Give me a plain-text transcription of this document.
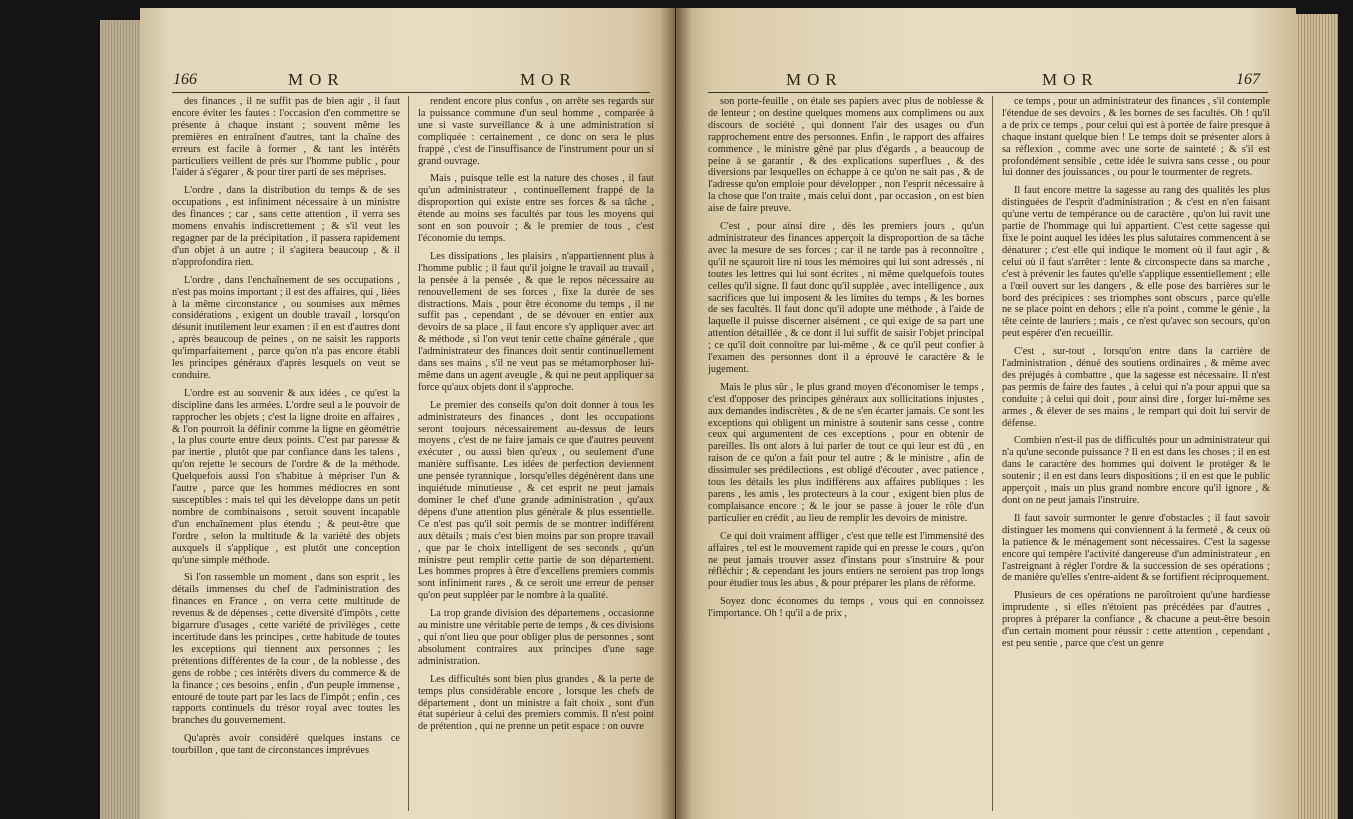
166	MOR	MOR

des finances , il ne suffit pas de bien agir , il faut encore éviter les fautes : l'occasion d'en commettre se présente à chaque instant ; souvent même les premières en entraînent d'autres, tant la chaîne des erreurs est facile à former , & tant les intérêts particuliers veillent de près sur l'homme public , pour l'aider à s'égarer , & pour tirer parti de ses méprises.

L'ordre , dans la distribution du temps & de ses occupations , est infiniment nécessaire à un ministre des finances ; car , sans cette attention , il verra ses momens envahis indiscrettement ; & s'il veut les regagner par de la précipitation , il passera rapidement d'un objet à un autre ; il s'agitera beaucoup , & il n'approfondira rien.

L'ordre , dans l'enchaînement de ses occupations , n'est pas moins important ; il est des affaires, qui , liées à la même circonstance , ou soumises aux mêmes considérations , exigent un double travail , lorsqu'on désunit inutilement leur examen : il en est d'autres dont , après beaucoup de peines , on ne saisit les rapports qu'imparfaitement , parce qu'on n'a pas encore établi les principes généraux d'après lesquels on veut se conduire.

L'ordre est au souvenir & aux idées , ce qu'est la discipline dans les armées. L'ordre seul a le pouvoir de rapprocher les objets ; c'est la ligne droite en affaires , & l'on pourroit la définir comme la ligne en géométrie , la plus courte entre deux points. C'est par paresse & par inertie , plutôt que par confiance dans les talens , qu'on rejette le secours de l'ordre & de la méthode. Quelquefois aussi l'on s'habitue à mépriser l'un & l'autre , parce que les hommes médiocres en sont susceptibles : mais tel qui les développe dans un petit nombre de combinaisons , seroit souvent incapable d'un enchaînement plus étendu ; & peut-être que l'ordre , selon la multitude & la variété des objets auxquels il s'applique , est plutôt une conception qu'une simple méthode.

Si l'on rassemble un moment , dans son esprit , les détails immenses du chef de l'administration des finances en France , on verra cette multitude de revenus & de dépenses , cette diversité d'impôts , cette bigarrure d'usages , cette variété de privilèges , cette incertitude dans les principes , cette habitude de toutes les exceptions qui tiennent aux personnes ; les prétentions différentes de la cour , de la noblesse , des gens de robbe ; ces intérêts divers du commerce & de la finance ; ces besoins , enfin , d'un peuple immense , entouré de toute part par les lacs de l'impôt ; enfin , ces rapports continuels du trésor royal avec toutes les branches du gouvernement.

Qu'après avoir considéré quelques instans ce tourbillon , que tant de circonstances imprévues

rendent encore plus confus , on arrête ses regards sur la puissance commune d'un seul homme , comparée à une si vaste surveillance & à une administration si compliquée : certainement , ce donc on sera le plus frappé , c'est de l'insuffisance de l'instrument pour un si grand ouvrage.

Mais , puisque telle est la nature des choses , il faut qu'un administrateur , continuellement frappé de la disproportion qui existe entre ses forces & sa tâche , étende au moins ses facultés par tous les moyens qui sont en son pouvoir ; & le premier de tous , c'est l'économie du temps.

Les dissipations , les plaisirs , n'appartiennent plus à l'homme public ; il faut qu'il joigne le travail au travail , la pensée à la pensée , & que le repos nécessaire au renouvellement de ses forces , fixe la durée de ses distractions. Mais , pour être économe du temps , il ne suffit pas , cependant , de se dévouer en entier aux devoirs de sa place , il faut encore s'y appliquer avec art & méthode , si l'on veut tenir cette chaîne générale , que l'administrateur des finances doit sentir continuellement dans ses mains , s'il ne veut pas se métamorphoser lui-même dans un agent aveugle , & qui ne peut appliquer sa force qu'aux objets dont il s'approche.

Le premier des conseils qu'on doit donner à tous les administrateurs des finances , dont les occupations seront toujours nécessairement au-dessus de leurs moyens , c'est de ne faire jamais ce que d'autres peuvent exécuter , ou aussi bien qu'eux , ou seulement d'une manière suffisante. Les idées de perfection deviennent une pensée tyrannique , lorsqu'elles dégénèrent dans une inquiétude minutieuse , & cet esprit ne peut jamais dominer le chef d'une grande administration , qu'aux dépens d'une attention plus générale & plus essentielle. Ce n'est pas qu'il soit permis de se montrer indifférent aux détails ; mais c'est bien moins par son propre travail , que par le choix intelligent de ses seconds , qu'un ministre peut remplir cette partie de son département. Les hommes propres à être d'excellens premiers commis sont infiniment rares , & ce seroit une erreur de penser qu'on peut suppléer par le nombre à la qualité.

La trop grande division des départemens , occasionne au ministre une véritable perte de temps , & ces divisions , qui n'ont lieu que pour obliger plus de personnes , sont absolument contraires aux principes d'une sage administration.

Les difficultés sont bien plus grandes , & la perte de temps plus considérable encore , lorsque les chefs de département , dont un ministre a fait choix , sont d'un état supérieur à celui des premiers commis. Il n'est point de prétention , qui ne prenne un petit espace : on ouvre

MOR	MOR	167

son porte-feuille , on étale ses papiers avec plus de noblesse & de lenteur ; on destine quelques momens aux complimens ou aux discours de société , qui donnent l'air des usages ou d'un rapprochement entre des personnes. Enfin , le rapport des affaires commence , le ministre gêné par plus d'égards , a beaucoup de peine à se garantir , & des explications superflues , & des diversions par lesquelles on échappe à ce qu'on ne sait pas , & de l'adresse qu'on emploie pour développer , non l'esprit nécessaire à la chose que l'on traite , mais celui dont , par occasion , on est bien aise de faire preuve.

C'est , pour ainsi dire , dès les premiers jours , qu'un administrateur des finances apperçoit la disproportion de sa tâche avec la mesure de ses forces ; car il ne tarde pas à reconnoître , qu'il ne sçauroit lire ni tous les mémoires qui lui sont adressés , ni toutes les lettres qui lui sont écrites , ni même quelquefois toutes celles qu'il signe. Il faut donc qu'il supplée , avec intelligence , aux sacrifices que lui imposent & les limites du temps , & les bornes de ses facultés. Il faut donc qu'il adopte une méthode , à l'aide de laquelle il puisse discerner aisément , ce qui exige de sa part une attention détaillée , & ce dont il lui suffit de saisir l'objet principal ; ce qu'il doit connoître par lui-même , & ce qu'il peut confier à l'examen des personnes dont il a éprouvé le caractère & le jugement.

Mais le plus sûr , le plus grand moyen d'économiser le temps , c'est d'opposer des principes généraux aux sollicitations injustes , aux demandes indiscrètes , & de ne s'en écarter jamais. Ce sont les exceptions qui obligent un ministre à soutenir sans cesse , contre ceux qui argumentent de ces exceptions , pour en obtenir de pareilles. Ils ont alors à lui parler de tout ce qui leur est dû , en raison de ce qu'on a fait pour tel autre ; & le ministre , afin de dissimuler ses prédilections , est obligé d'écouter , avec patience , tous les détails les plus indifférens aux affaires publiques : les parens , les amis , les protecteurs à la cour , exigent bien plus de complaisance encore ; & le jour se passe à jouer le rôle d'un particulier en crédit , au lieu de remplir les devoirs de ministre.

Ce qui doit vraiment affliger , c'est que telle est l'immensité des affaires , tel est le mouvement rapide qui en presse le cours , qu'on ne peut jamais trouver assez d'instans pour s'instruire & pour réfléchir ; & cependant les jours entiers ne seroient pas trop longs pour étudier tous les abus , & pour préparer les plans de réforme.

Soyez donc économes du temps , vous qui en connoissez l'importance. Oh ! qu'il a de prix ,

ce temps , pour un administrateur des finances , s'il contemple l'étendue de ses devoirs , & les bornes de ses facultés. Oh ! qu'il a de prix ce temps , pour celui qui est à portée de faire presque à chaque instant quelque bien ! Le temps doit se présenter alors à sa réflexion , comme avec une sorte de sainteté ; & s'il est profondément sensible , cette idée le suivra sans cesse , ou pour lui donner des jouissances , ou pour le tourmenter de regrets.

Il faut encore mettre la sagesse au rang des qualités les plus distinguées de l'esprit d'administration ; & c'est en n'en faisant qu'une vertu de tempérance ou de caractère , qu'on lui ravit une partie de l'hommage qui lui appartient. C'est cette sagesse qui fixe le point auquel les idées les plus salutaires commencent à se dénaturer ; c'est elle qui indique le moment où il faut agir , & celui où il faut s'arrêter : lente & circonspecte dans sa marche , c'est à prévenir les fautes qu'elle s'applique essentiellement ; elle a l'œil ouvert sur les dangers , & elle pose des barrières sur le bord des précipices : ses triomphes sont obscurs , parce qu'elle ne se place point en dehors ; elle n'a point , comme le génie , la tête ceinte de lauriers ; mais , ce n'est qu'avec son secours, qu'on peut espérer d'en recueillir.

C'est , sur-tout , lorsqu'on entre dans la carrière de l'administration , dénué des soutiens ordinaires , & même avec des préjugés à combattre , que la sagesse est nécessaire. Il n'est pas permis de faire des fautes , à celui qui n'a pour appui que sa conduite ; à celui qui doit , pour ainsi dire , forger lui-même ses armes , & élever de ses mains , le rempart qui doit lui servir de défense.

Combien n'est-il pas de difficultés pour un administrateur qui n'a qu'une seconde puissance ? Il en est dans les choses ; il en est dans le caractère des hommes qui doivent le protéger & le soutenir ; il en est dans leurs dispositions ; il en est que le public apperçoit , mais un plus grand nombre encore qu'il ignore , & dont on ne peut jamais l'instruire.

Il faut savoir surmonter le genre d'obstacles ; il faut savoir distinguer les momens qui conviennent à la fermeté , & ceux où la patience & le ménagement sont nécessaires. C'est la sagesse encore qui tempère l'activité dangereuse d'un administrateur , en l'astreignant à régler l'ordre & la succession de ses opérations ; de manière qu'elles s'entre-aident & se fortifient réciproquement.

Plusieurs de ces opérations ne paroîtroient qu'une hardiesse imprudente , si elles n'étoient pas précédées par d'autres , propres à préparer la confiance , & chacune a peut-être besoin d'un certain moment pour réussir : cette attention , cependant , est peu sentie , parce que c'est un genre
